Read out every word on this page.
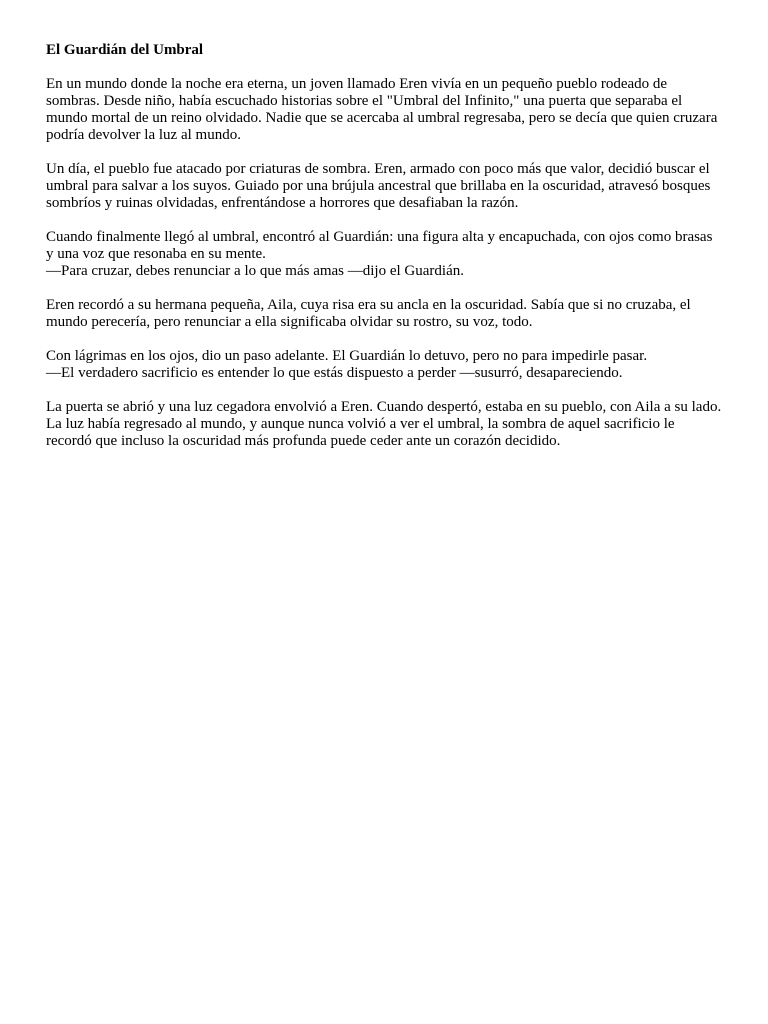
El Guardián del Umbral

En un mundo donde la noche era eterna, un joven llamado Eren vivía en un pequeño pueblo rodeado de sombras. Desde niño, había escuchado historias sobre el "Umbral del Infinito," una puerta que separaba el mundo mortal de un reino olvidado. Nadie que se acercaba al umbral regresaba, pero se decía que quien cruzara podría devolver la luz al mundo.

Un día, el pueblo fue atacado por criaturas de sombra. Eren, armado con poco más que valor, decidió buscar el umbral para salvar a los suyos. Guiado por una brújula ancestral que brillaba en la oscuridad, atravesó bosques sombríos y ruinas olvidadas, enfrentándose a horrores que desafiaban la razón.

Cuando finalmente llegó al umbral, encontró al Guardián: una figura alta y encapuchada, con ojos como brasas y una voz que resonaba en su mente.
—Para cruzar, debes renunciar a lo que más amas —dijo el Guardián.

Eren recordó a su hermana pequeña, Aila, cuya risa era su ancla en la oscuridad. Sabía que si no cruzaba, el mundo perecería, pero renunciar a ella significaba olvidar su rostro, su voz, todo.

Con lágrimas en los ojos, dio un paso adelante. El Guardián lo detuvo, pero no para impedirle pasar.
—El verdadero sacrificio es entender lo que estás dispuesto a perder —susurró, desapareciendo.

La puerta se abrió y una luz cegadora envolvió a Eren. Cuando despertó, estaba en su pueblo, con Aila a su lado. La luz había regresado al mundo, y aunque nunca volvió a ver el umbral, la sombra de aquel sacrificio le recordó que incluso la oscuridad más profunda puede ceder ante un corazón decidido.
